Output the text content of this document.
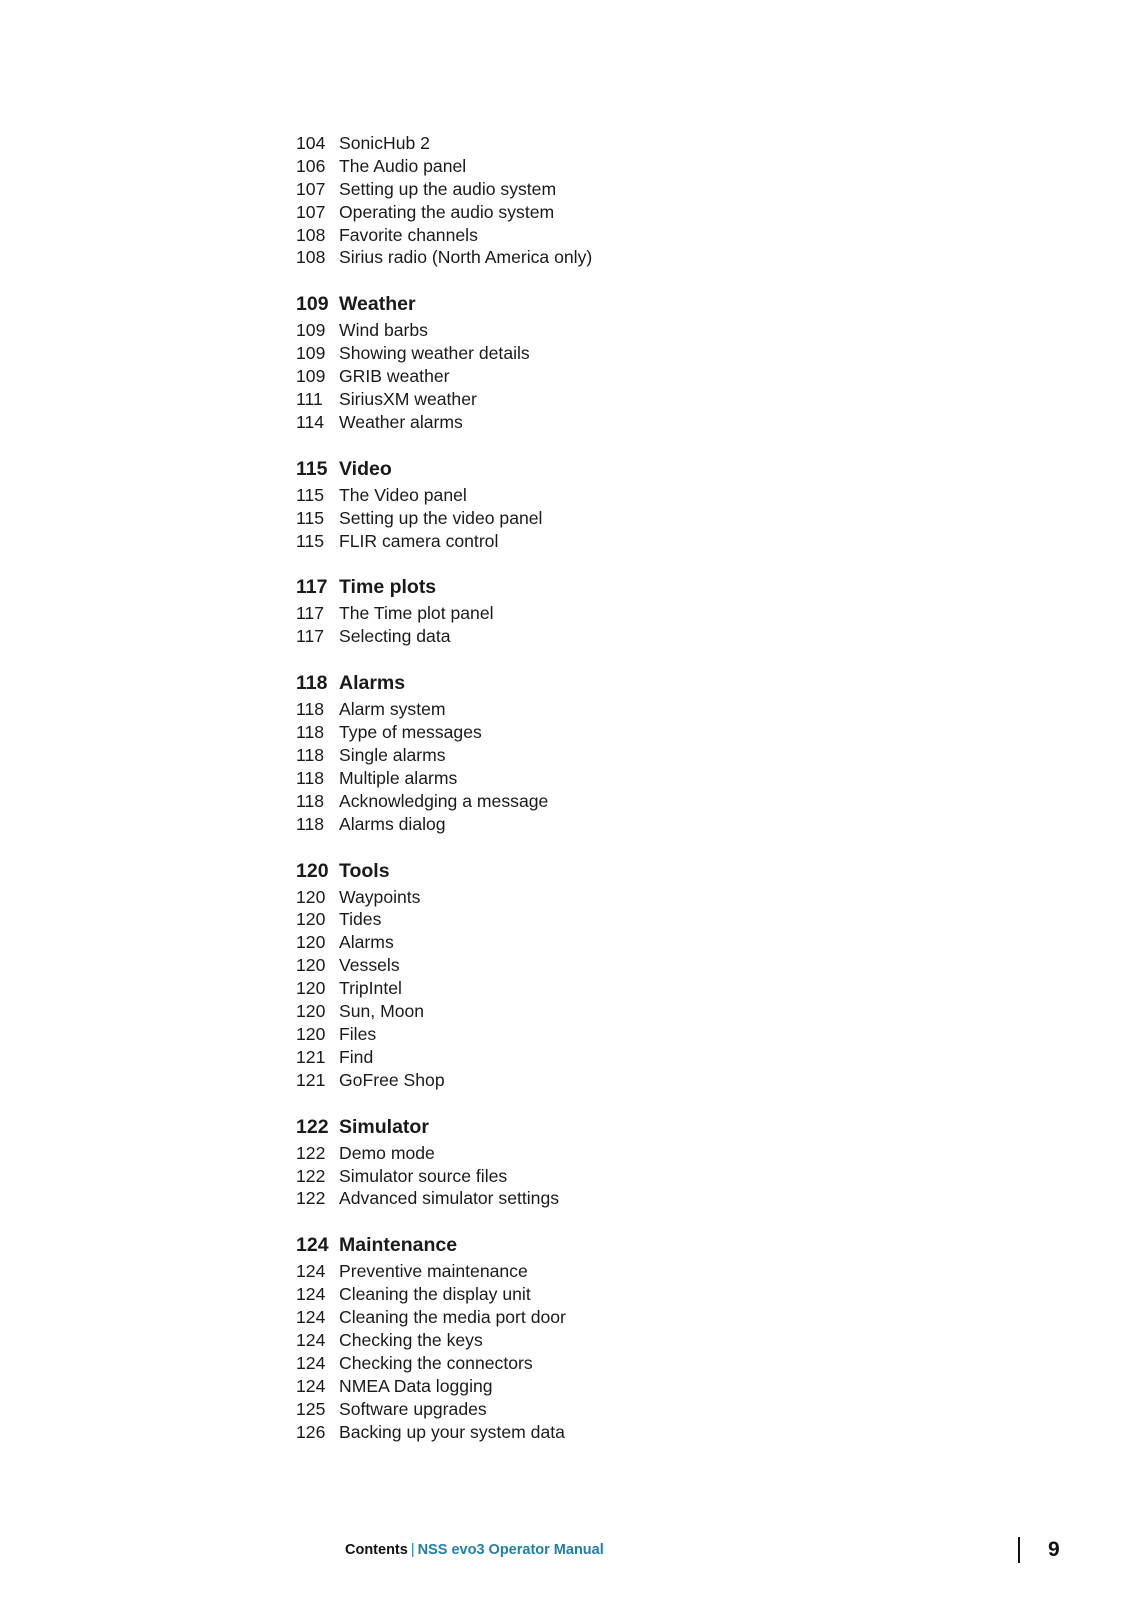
104 SonicHub 2
106 The Audio panel
107 Setting up the audio system
107 Operating the audio system
108 Favorite channels
108 Sirius radio (North America only)
109 Weather
109 Wind barbs
109 Showing weather details
109 GRIB weather
111 SiriusXM weather
114 Weather alarms
115 Video
115 The Video panel
115 Setting up the video panel
115 FLIR camera control
117 Time plots
117 The Time plot panel
117 Selecting data
118 Alarms
118 Alarm system
118 Type of messages
118 Single alarms
118 Multiple alarms
118 Acknowledging a message
118 Alarms dialog
120 Tools
120 Waypoints
120 Tides
120 Alarms
120 Vessels
120 TripIntel
120 Sun, Moon
120 Files
121 Find
121 GoFree Shop
122 Simulator
122 Demo mode
122 Simulator source files
122 Advanced simulator settings
124 Maintenance
124 Preventive maintenance
124 Cleaning the display unit
124 Cleaning the media port door
124 Checking the keys
124 Checking the connectors
124 NMEA Data logging
125 Software upgrades
126 Backing up your system data
Contents | NSS evo3 Operator Manual	9
